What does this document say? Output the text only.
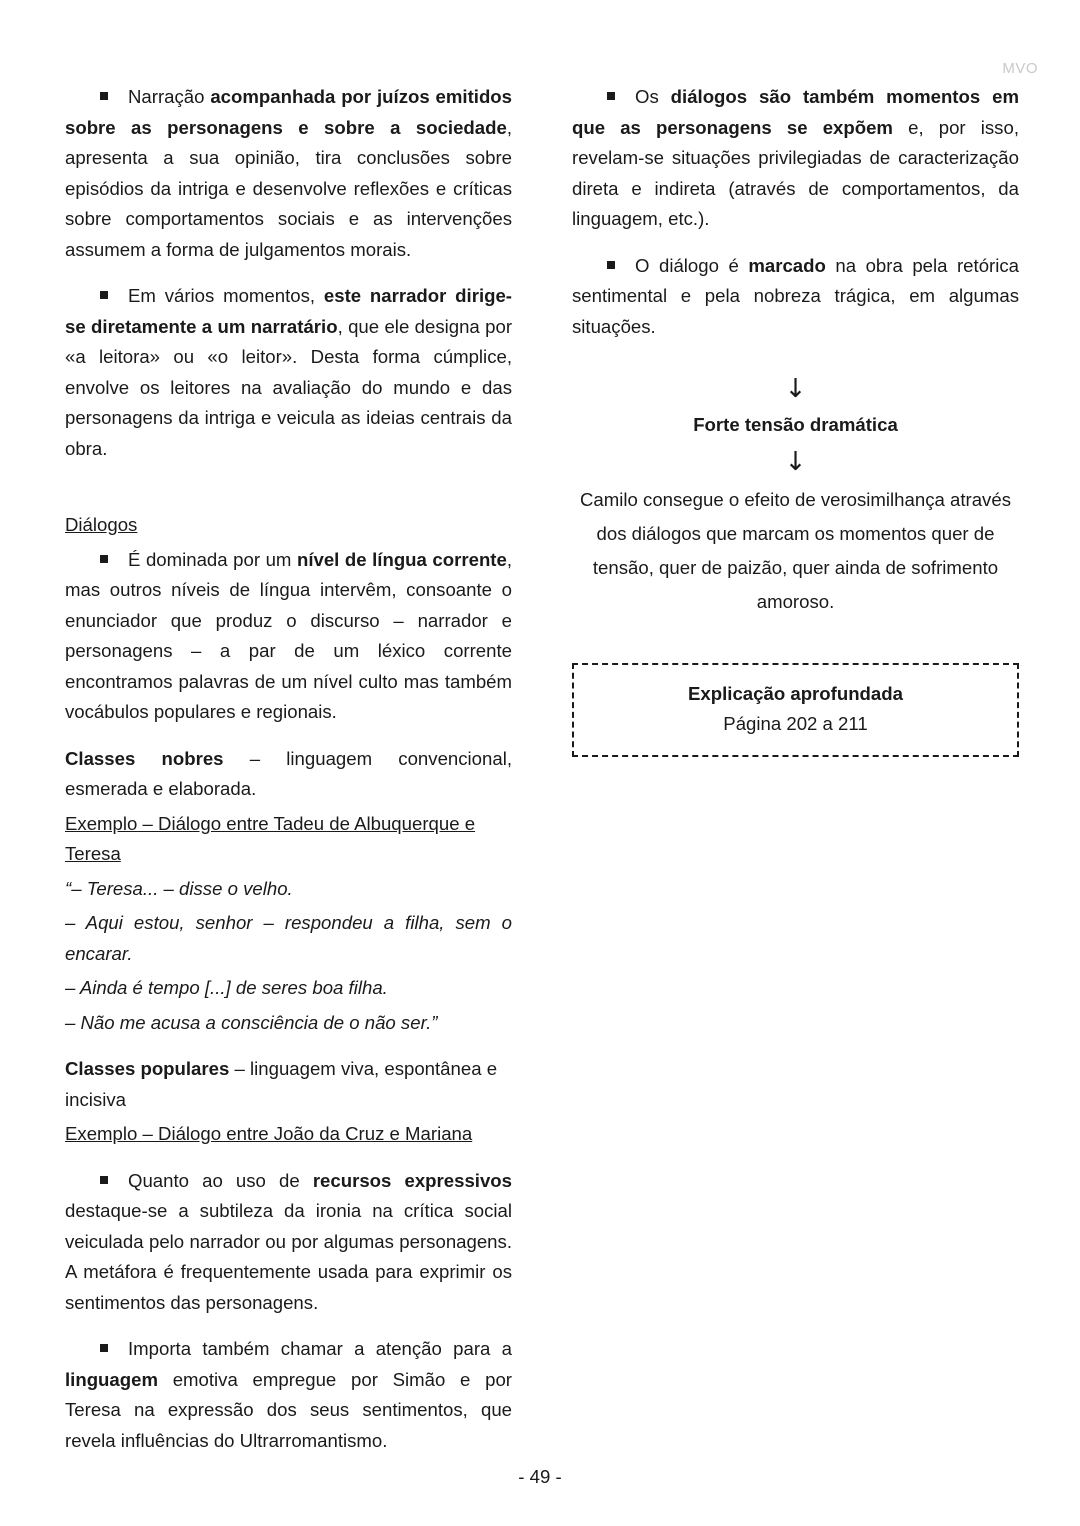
MVO

Narração acompanhada por juízos emitidos sobre as personagens e sobre a sociedade, apresenta a sua opinião, tira conclusões sobre episódios da intriga e desenvolve reflexões e críticas sobre comportamentos sociais e as intervenções assumem a forma de julgamentos morais.

Em vários momentos, este narrador dirige-se diretamente a um narratário, que ele designa por «a leitora» ou «o leitor». Desta forma cúmplice, envolve os leitores na avaliação do mundo e das personagens da intriga e veicula as ideias centrais da obra.

Diálogos

É dominada por um nível de língua corrente, mas outros níveis de língua intervêm, consoante o enunciador que produz o discurso – narrador e personagens – a par de um léxico corrente encontramos palavras de um nível culto mas também vocábulos populares e regionais.

Classes nobres – linguagem convencional, esmerada e elaborada.

Exemplo – Diálogo entre Tadeu de Albuquerque e Teresa

“– Teresa... – disse o velho.

– Aqui estou, senhor – respondeu a filha, sem o encarar.

– Ainda é tempo [...] de seres boa filha.

– Não me acusa a consciência de o não ser.”

Classes populares – linguagem viva, espontânea e incisiva

Exemplo – Diálogo entre João da Cruz e Mariana

Quanto ao uso de recursos expressivos destaque-se a subtileza da ironia na crítica social veiculada pelo narrador ou por algumas personagens. A metáfora é frequentemente usada para exprimir os sentimentos das personagens.

Importa também chamar a atenção para a linguagem emotiva empregue por Simão e por Teresa na expressão dos seus sentimentos, que revela influências do Ultrarromantismo.

Os diálogos são também momentos em que as personagens se expõem e, por isso, revelam-se situações privilegiadas de caracterização direta e indireta (através de comportamentos, da linguagem, etc.).

O diálogo é marcado na obra pela retórica sentimental e pela nobreza trágica, em algumas situações.

↓
Forte tensão dramática
↓

Camilo consegue o efeito de verosimilhança através dos diálogos que marcam os momentos quer de tensão, quer de paizão, quer ainda de sofrimento amoroso.

Explicação aprofundada
Página 202 a 211
- 49 -
